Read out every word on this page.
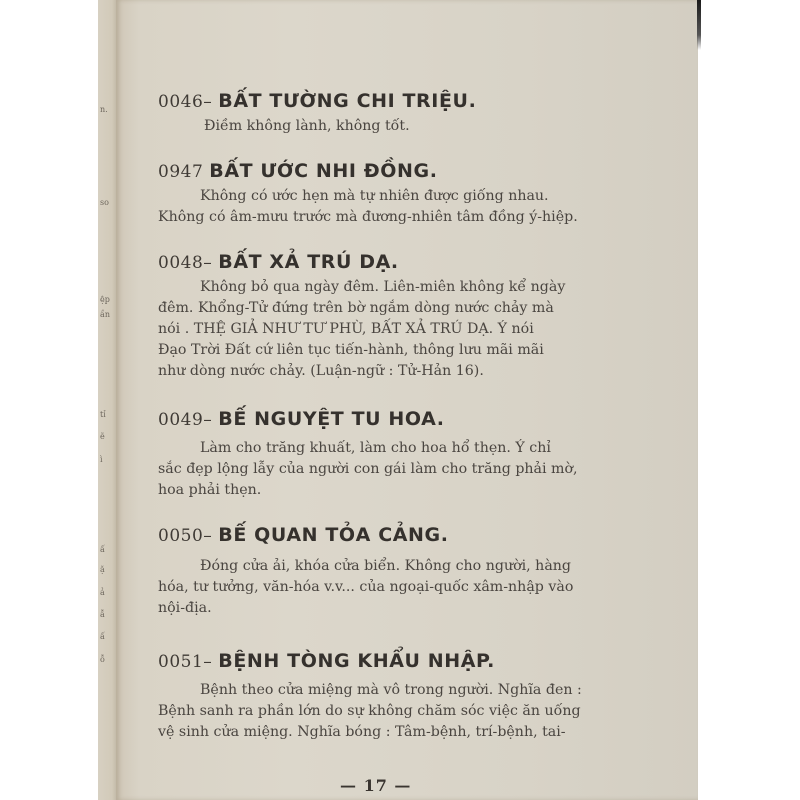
n.
so
ệp
ần
tỉ
ẽ
ì
ấ
ặ
ả
ẫ
ấ
ỗ
0046– BẤT TƯỜNG CHI TRIỆU.
Điềm không lành, không tốt.
0947 BẤT ƯỚC NHI ĐỒNG.
Không có ước hẹn mà tự nhiên được giống nhau.
Không có âm-mưu trước mà đương-nhiên tâm đồng ý-hiệp.
0048– BẤT XẢ TRÚ DẠ.
Không bỏ qua ngày đêm. Liên-miên không kể ngày
đêm. Khổng-Tử đứng trên bờ ngắm dòng nước chảy mà
nói . THỆ GIẢ NHƯ TƯ PHÙ, BẤT XẢ TRÚ DẠ. Ý nói
Đạo Trời Đất cứ liên tục tiến-hành, thông lưu mãi mãi
như dòng nước chảy. (Luận-ngữ : Tử-Hản 16).
0049– BẾ NGUYỆT TU HOA.
Làm cho trăng khuất, làm cho hoa hổ thẹn. Ý chỉ
sắc đẹp lộng lẫy của người con gái làm cho trăng phải mờ,
hoa phải thẹn.
0050– BẾ QUAN TỎA CẢNG.
Đóng cửa ải, khóa cửa biển. Không cho người, hàng
hóa, tư tưởng, văn-hóa v.v... của ngoại-quốc xâm-nhập vào
nội-địa.
0051– BỆNH TÒNG KHẨU NHẬP.
Bệnh theo cửa miệng mà vô trong người. Nghĩa đen :
Bệnh sanh ra phần lớn do sự không chăm sóc việc ăn uống
vệ sinh cửa miệng. Nghĩa bóng : Tâm-bệnh, trí-bệnh, tai-
— 17 —
